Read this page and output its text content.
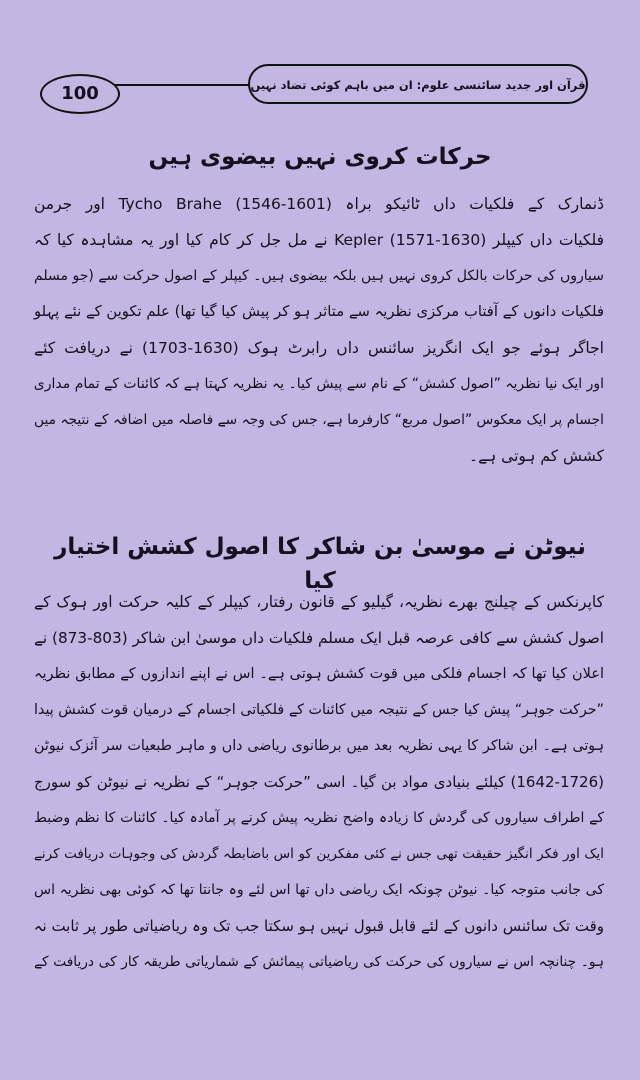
100	قرآن اور جدید سائنسی علوم: ان میں باہم کوئی تضاد نہیں
حرکات کروی نہیں بیضوی ہیں
ڈنمارک کے فلکیات داں ٹائیکو براہ Tycho Brahe (1546-1601) اور جرمن
فلکیات داں کیپلر Kepler (1571-1630) نے مل جل کر کام کیا اور یہ مشاہدہ کیا کہ
سیاروں کی حرکات بالکل کروی نہیں ہیں بلکہ بیضوی ہیں۔ کیپلر کے اصول حرکت سے (جو مسلم
فلکیات دانوں کے آفتاب مرکزی نظریہ سے متاثر ہو کر پیش کیا گیا تھا) علم تکوین کے نئے پہلو
اجاگر ہوئے جو ایک انگریز سائنس داں رابرٹ ہوک (1630-1703) نے دریافت کئے
اور ایک نیا نظریہ ”اصول کشش“ کے نام سے پیش کیا۔ یہ نظریہ کہتا ہے کہ کائنات کے تمام مداری
اجسام پر ایک معکوس ”اصول مربع“ کارفرما ہے، جس کی وجہ سے فاصلہ میں اضافہ کے نتیجہ میں
کشش کم ہوتی ہے۔
نیوٹن نے موسیٰ بن شاکر کا اصول کشش اختیار کیا
کاپرنکس کے چیلنج بھرے نظریہ، گیلیو کے قانون رفتار، کیپلر کے کلیہ حرکت اور ہوک کے
اصول کشش سے کافی عرصہ قبل ایک مسلم فلکیات داں موسیٰ ابن شاکر (803-873) نے
اعلان کیا تھا کہ اجسام فلکی میں قوت کشش ہوتی ہے۔ اس نے اپنے اندازوں کے مطابق نظریہ
”حرکت جوہر“ پیش کیا جس کے نتیجہ میں کائنات کے فلکیاتی اجسام کے درمیان قوت کشش پیدا
ہوتی ہے۔ ابن شاکر کا یہی نظریہ بعد میں برطانوی ریاضی داں و ماہر طبعیات سر آئزک نیوٹن
(1642-1726) کیلئے بنیادی مواد بن گیا۔ اسی ”حرکت جوہر“ کے نظریہ نے نیوٹن کو سورج
کے اطراف سیاروں کی گردش کا زیادہ واضح نظریہ پیش کرنے پر آمادہ کیا۔ کائنات کا نظم وضبط
ایک اور فکر انگیز حقیقت تھی جس نے کئی مفکرین کو اس باضابطہ گردش کی وجوہات دریافت کرنے
کی جانب متوجہ کیا۔ نیوٹن چونکہ ایک ریاضی داں تھا اس لئے وہ جانتا تھا کہ کوئی بھی نظریہ اس
وقت تک سائنس دانوں کے لئے قابل قبول نہیں ہو سکتا جب تک وہ ریاضیاتی طور پر ثابت نہ
ہو۔ چنانچہ اس نے سیاروں کی حرکت کی ریاضیاتی پیمائش کے شماریاتی طریقہ کار کی دریافت کے
